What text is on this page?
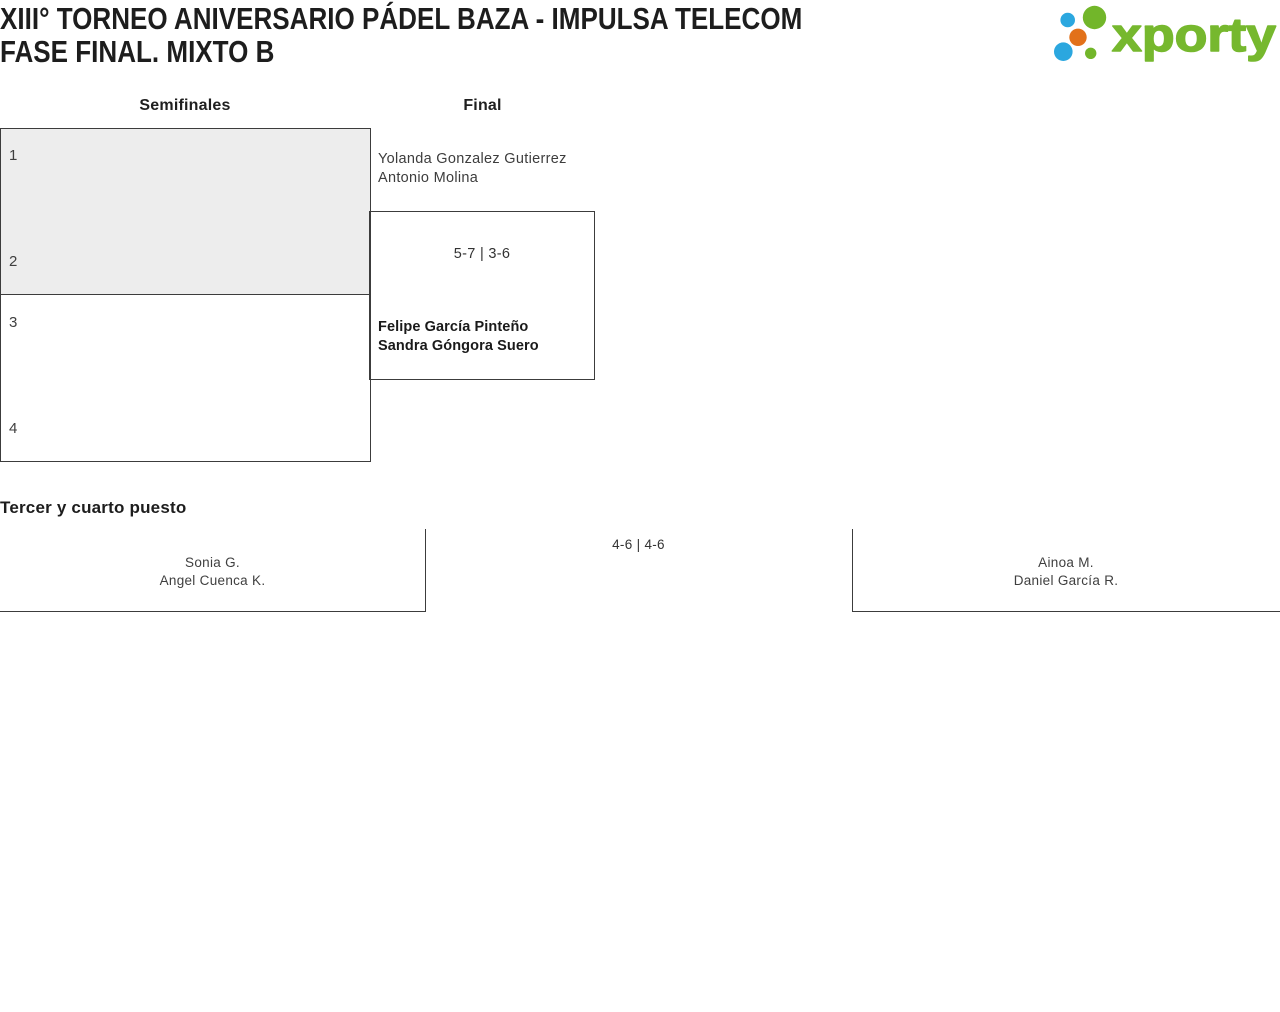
XIII° TORNEO ANIVERSARIO PÁDEL BAZA - IMPULSA TELECOM
FASE FINAL. MIXTO B	xporty
Semifinales	Final
1
2
3
4
Yolanda Gonzalez Gutierrez
Antonio Molina
5-7 | 3-6
Felipe García Pinteño
Sandra Góngora Suero
Tercer y cuarto puesto
Sonia G.
Angel Cuenca K.
4-6 | 4-6
Ainoa M.
Daniel García R.
